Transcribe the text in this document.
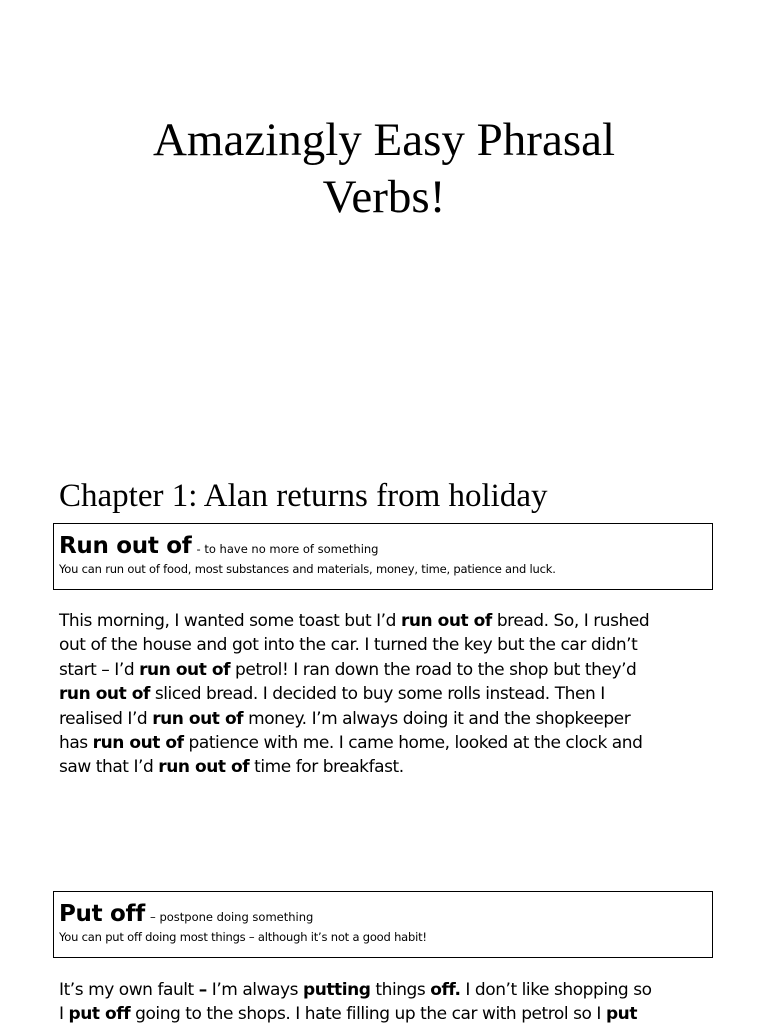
Amazingly Easy Phrasal Verbs!
Chapter 1: Alan returns from holiday
Run out of - to have no more of something
You can run out of food, most substances and materials, money, time, patience and luck.
This morning, I wanted some toast but I’d run out of bread. So, I rushed
out of the house and got into the car. I turned the key but the car didn’t
start – I’d run out of petrol! I ran down the road to the shop but they’d
run out of sliced bread. I decided to buy some rolls instead. Then I
realised I’d run out of money. I’m always doing it and the shopkeeper
has run out of patience with me. I came home, looked at the clock and
saw that I’d run out of time for breakfast.
Put off – postpone doing something
You can put off doing most things – although it’s not a good habit!
It’s my own fault – I’m always putting things off. I don’t like shopping so
I put off going to the shops. I hate filling up the car with petrol so I put
